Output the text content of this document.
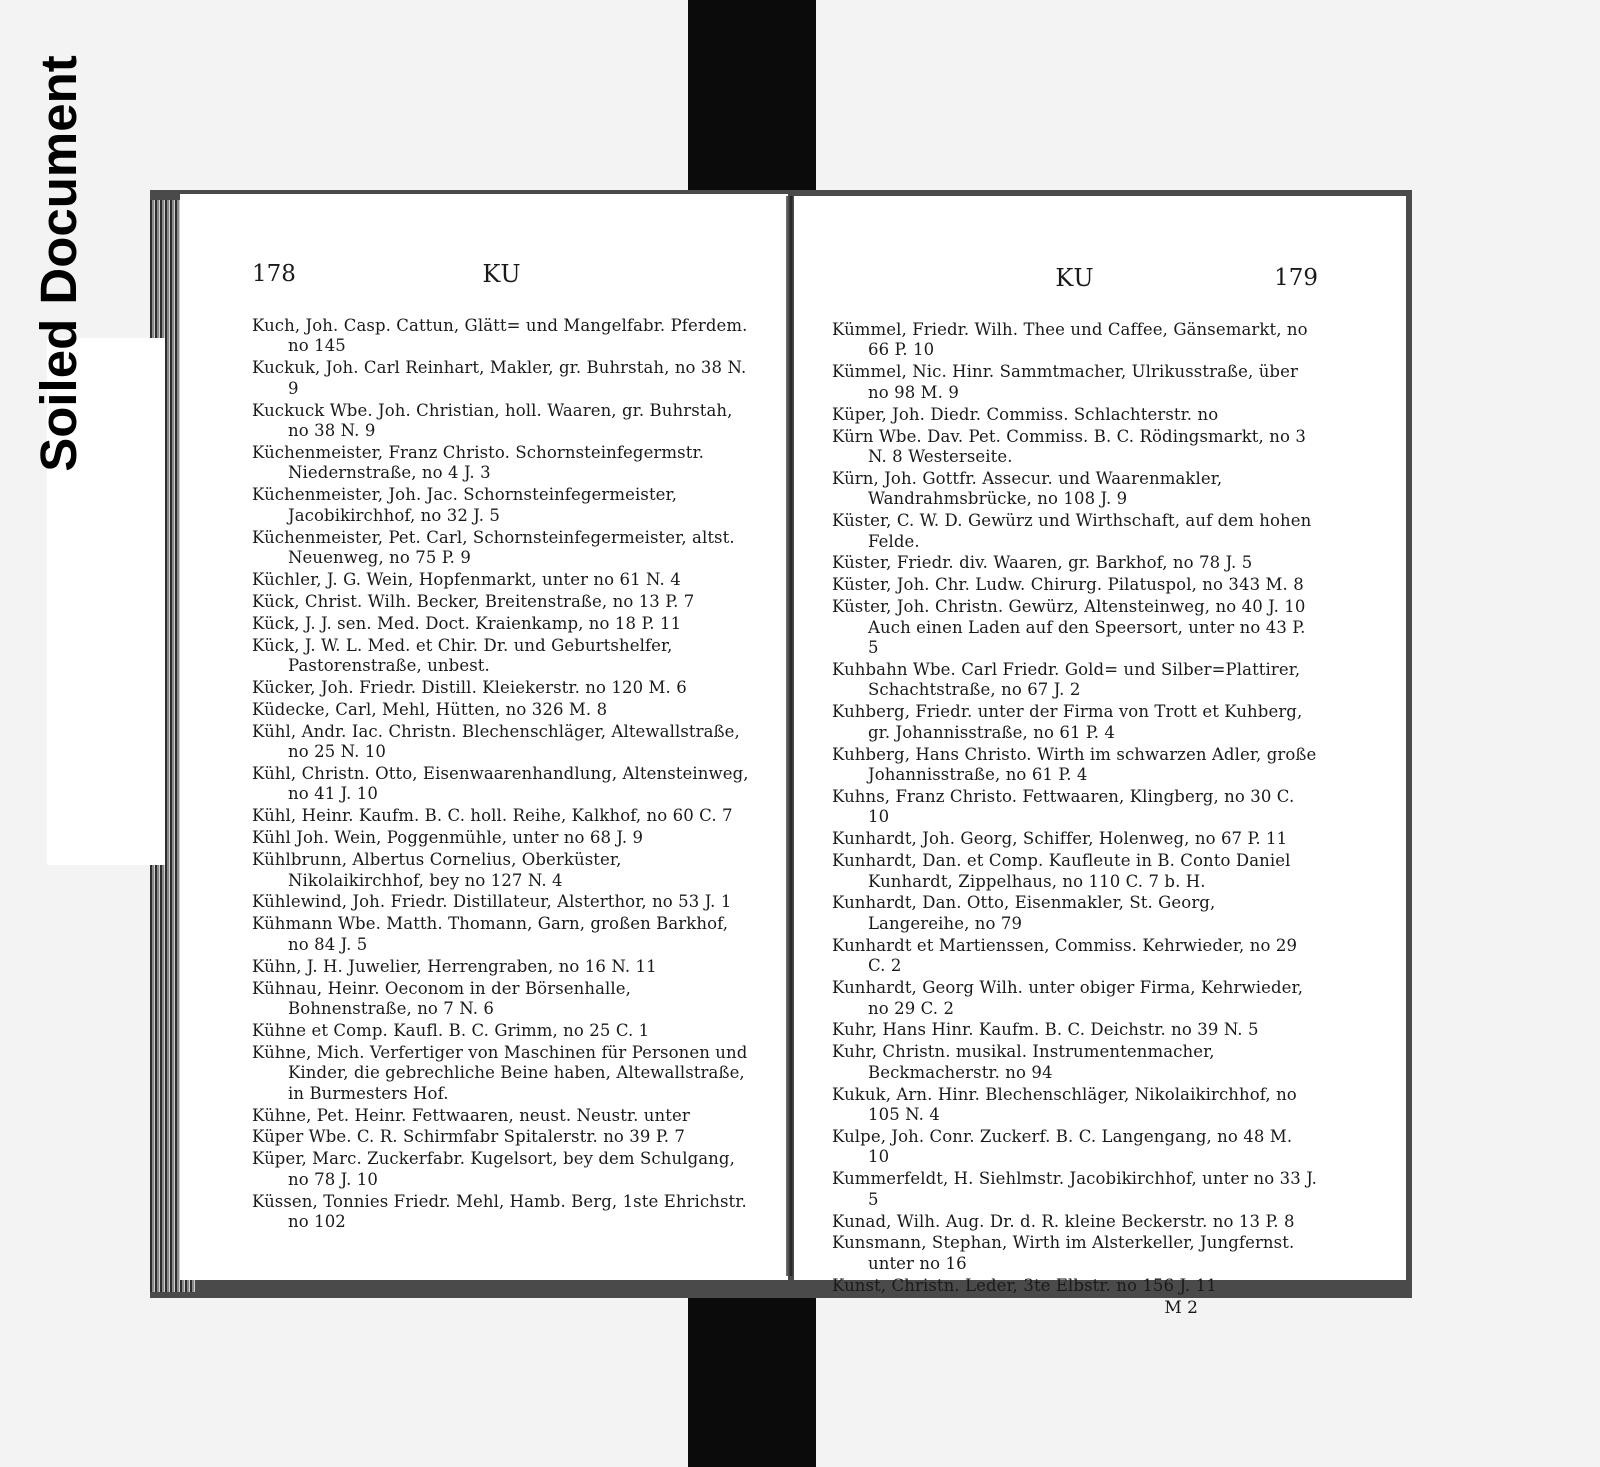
178	KU
Kuch, Joh. Casp. Cattun, Glätt= und Mangelfabr. Pferdem. no 145
Kuckuk, Joh. Carl Reinhart, Makler, gr. Buhrstah, no 38 N. 9
Kuckuck Wbe. Joh. Christian, holl. Waaren, gr. Buhrstah, no 38 N. 9
Küchenmeister, Franz Christo. Schornsteinfegermstr. Niedernstraße, no 4 J. 3
Küchenmeister, Joh. Jac. Schornsteinfegermeister, Jacobikirchhof, no 32 J. 5
Küchenmeister, Pet. Carl, Schornsteinfegermeister, altst. Neuenweg, no 75 P. 9
Küchler, J. G. Wein, Hopfenmarkt, unter no 61 N. 4
Kück, Christ. Wilh. Becker, Breitenstraße, no 13 P. 7
Kück, J. J. sen. Med. Doct. Kraienkamp, no 18 P. 11
Kück, J. W. L. Med. et Chir. Dr. und Geburtshelfer, Pastorenstraße, unbest.
Kücker, Joh. Friedr. Distill. Kleiekerstr. no 120 M. 6
Küdecke, Carl, Mehl, Hütten, no 326 M. 8
Kühl, Andr. Iac. Christn. Blechenschläger, Altewallstraße, no 25 N. 10
Kühl, Christn. Otto, Eisenwaarenhandlung, Altensteinweg, no 41 J. 10
Kühl, Heinr. Kaufm. B. C. holl. Reihe, Kalkhof, no 60 C. 7
Kühl Joh. Wein, Poggenmühle, unter no 68 J. 9
Kühlbrunn, Albertus Cornelius, Oberküster, Nikolaikirchhof, bey no 127 N. 4
Kühlewind, Joh. Friedr. Distillateur, Alsterthor, no 53 J. 1
Kühmann Wbe. Matth. Thomann, Garn, großen Barkhof, no 84 J. 5
Kühn, J. H. Juwelier, Herrengraben, no 16 N. 11
Kühnau, Heinr. Oeconom in der Börsenhalle, Bohnenstraße, no 7 N. 6
Kühne et Comp. Kaufl. B. C. Grimm, no 25 C. 1
Kühne, Mich. Verfertiger von Maschinen für Personen und Kinder, die gebrechliche Beine haben, Altewallstraße, in Burmesters Hof.
Kühne, Pet. Heinr. Fettwaaren, neust. Neustr. unter
Küper Wbe. C. R. Schirmfabr Spitalerstr. no 39 P. 7
Küper, Marc. Zuckerfabr. Kugelsort, bey dem Schulgang, no 78 J. 10
Küssen, Tonnies Friedr. Mehl, Hamb. Berg, 1ste Ehrichstr. no 102
KU	179
Kümmel, Friedr. Wilh. Thee und Caffee, Gänsemarkt, no 66 P. 10
Kümmel, Nic. Hinr. Sammtmacher, Ulrikusstraße, über no 98 M. 9
Küper, Joh. Diedr. Commiss. Schlachterstr. no
Kürn Wbe. Dav. Pet. Commiss. B. C. Rödingsmarkt, no 3 N. 8 Westerseite.
Kürn, Joh. Gottfr. Assecur. und Waarenmakler, Wandrahmsbrücke, no 108 J. 9
Küster, C. W. D. Gewürz und Wirthschaft, auf dem hohen Felde.
Küster, Friedr. div. Waaren, gr. Barkhof, no 78 J. 5
Küster, Joh. Chr. Ludw. Chirurg. Pilatuspol, no 343 M. 8
Küster, Joh. Christn. Gewürz, Altensteinweg, no 40 J. 10 Auch einen Laden auf den Speersort, unter no 43 P. 5
Kuhbahn Wbe. Carl Friedr. Gold= und Silber=Plattirer, Schachtstraße, no 67 J. 2
Kuhberg, Friedr. unter der Firma von Trott et Kuhberg, gr. Johannisstraße, no 61 P. 4
Kuhberg, Hans Christo. Wirth im schwarzen Adler, große Johannisstraße, no 61 P. 4
Kuhns, Franz Christo. Fettwaaren, Klingberg, no 30 C. 10
Kunhardt, Joh. Georg, Schiffer, Holenweg, no 67 P. 11
Kunhardt, Dan. et Comp. Kaufleute in B. Conto Daniel Kunhardt, Zippelhaus, no 110 C. 7 b. H.
Kunhardt, Dan. Otto, Eisenmakler, St. Georg, Langereihe, no 79
Kunhardt et Martienssen, Commiss. Kehrwieder, no 29 C. 2
Kunhardt, Georg Wilh. unter obiger Firma, Kehrwieder, no 29 C. 2
Kuhr, Hans Hinr. Kaufm. B. C. Deichstr. no 39 N. 5
Kuhr, Christn. musikal. Instrumentenmacher, Beckmacherstr. no 94
Kukuk, Arn. Hinr. Blechenschläger, Nikolaikirchhof, no 105 N. 4
Kulpe, Joh. Conr. Zuckerf. B. C. Langengang, no 48 M. 10
Kummerfeldt, H. Siehlmstr. Jacobikirchhof, unter no 33 J. 5
Kunad, Wilh. Aug. Dr. d. R. kleine Beckerstr. no 13 P. 8
Kunsmann, Stephan, Wirth im Alsterkeller, Jungfernst. unter no 16
Kunst, Christn. Leder, 3te Elbstr. no 156 J. 11
M 2
Soiled Document
